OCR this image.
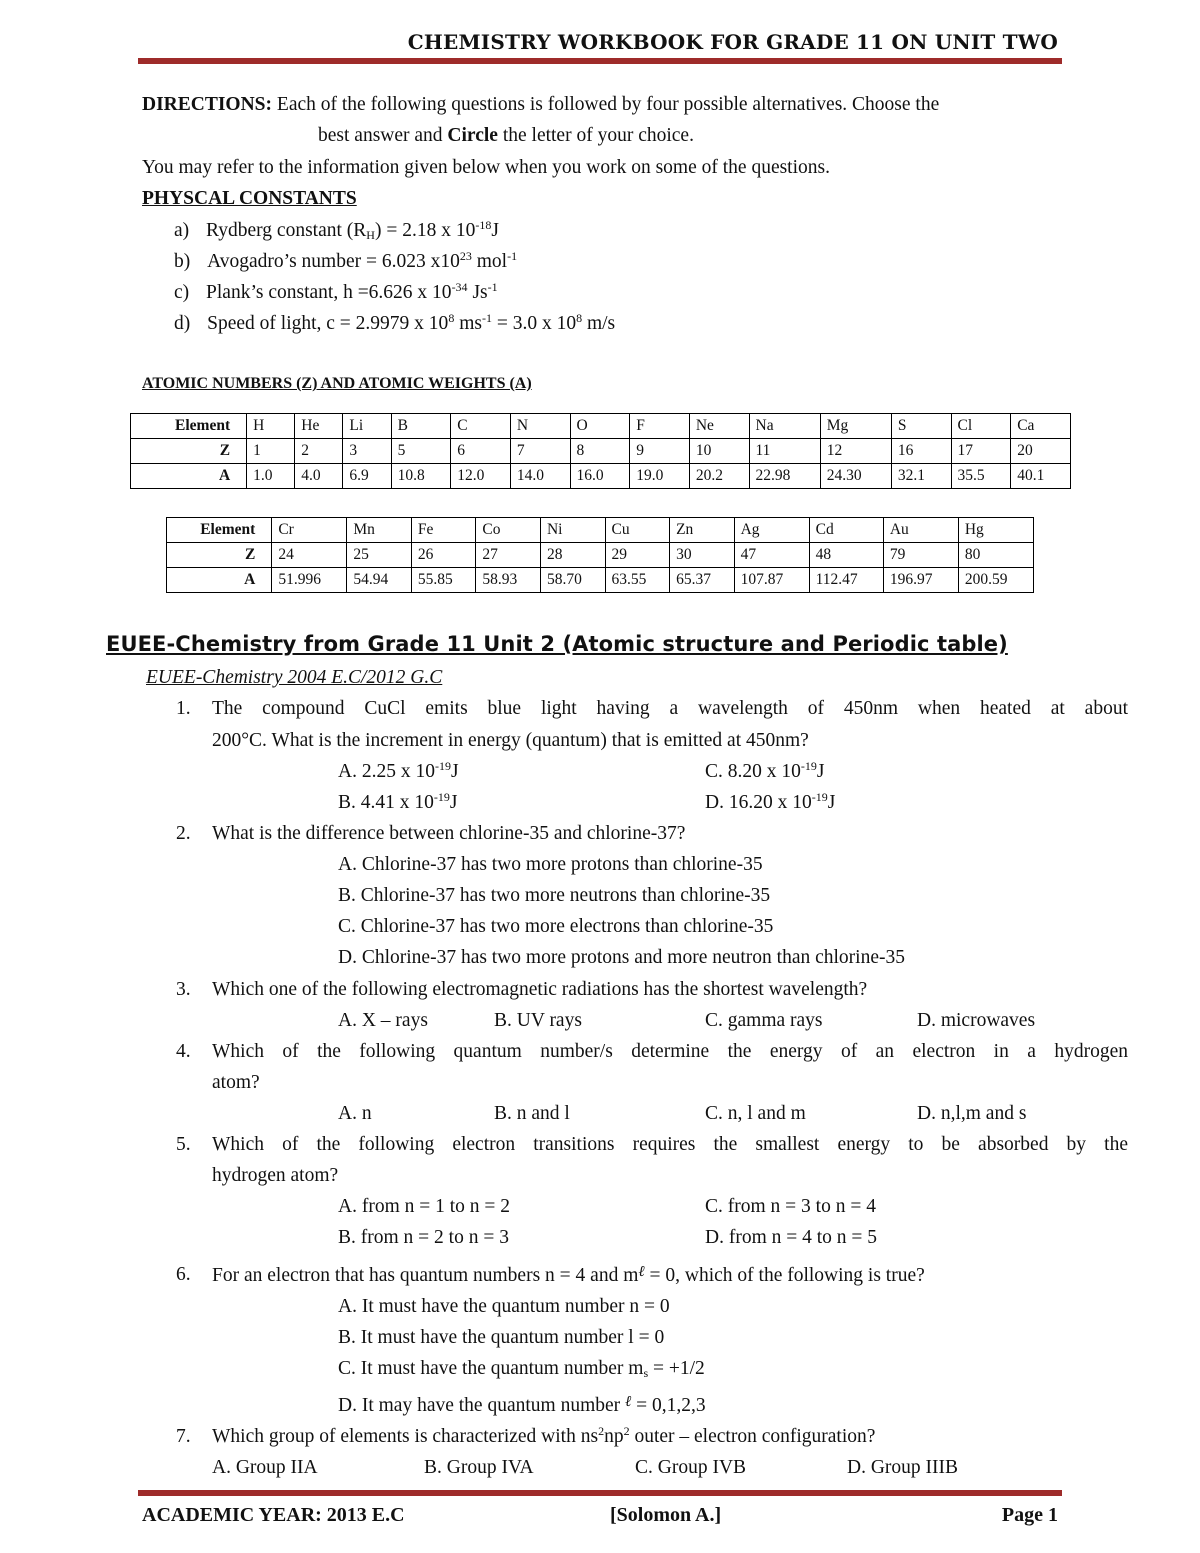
CHEMISTRY WORKBOOK FOR GRADE 11 ON UNIT TWO
DIRECTIONS: Each of the following questions is followed by four possible alternatives. Choose the
best answer and Circle the letter of your choice.
You may refer to the information given below when you work on some of the questions.
PHYSCAL CONSTANTS
a) Rydberg constant $(R_H) = 2.18$ x $10^{-18}J$
b) Avogadro’s number = 6.023 $x10^{23}$ mol$^{-1}$
c) Plank’s constant, h =6.626 x $10^{-34}$ $Js^{-1}$
d) Speed of light, c = 2.9979 x $10^8$ $ms^{-1} = 3.0$ x $10^8$ m/s
ATOMIC NUMBERS (Z) AND ATOMIC WEIGHTS (A)
Element	H	He	Li	B	C	N	O	F	Ne	Na	Mg	S	Cl	Ca
Z	1	2	3	5	6	7	8	9	10	11	12	16	17	20
A	1.0	4.0	6.9	10.8	12.0	14.0	16.0	19.0	20.2	22.98	24.30	32.1	35.5	40.1
Element	Cr	Mn	Fe	Co	Ni	Cu	Zn	Ag	Cd	Au	Hg
Z	24	25	26	27	28	29	30	47	48	79	80
A	51.996	54.94	55.85	58.93	58.70	63.55	65.37	107.87	112.47	196.97	200.59
EUEE-Chemistry from Grade 11 Unit 2 (Atomic structure and Periodic table)
EUEE-Chemistry 2004 E.C/2012 G.C
1. The compound CuCl emits blue light having a wavelength of 450nm when heated at about
200°C. What is the increment in energy (quantum) that is emitted at 450nm?
A. 2.25 x $10^{-19}J$	C. 8.20 x $10^{-19}J$
B. 4.41 x $10^{-19}J$	D. 16.20 x $10^{-19}J$
2. What is the difference between chlorine-35 and chlorine-37?
A. Chlorine-37 has two more protons than chlorine-35
B. Chlorine-37 has two more neutrons than chlorine-35
C. Chlorine-37 has two more electrons than chlorine-35
D. Chlorine-37 has two more protons and more neutron than chlorine-35
3. Which one of the following electromagnetic radiations has the shortest wavelength?
A. X – rays	B. UV rays	C. gamma rays	D. microwaves
4. Which of the following quantum number/s determine the energy of an electron in a hydrogen
atom?
A. n	B. n and l	C. n, l and m	D. n,l,m and s
5. Which of the following electron transitions requires the smallest energy to be absorbed by the
hydrogen atom?
A. from n = 1 to n = 2	C. from n = 3 to n = 4
B. from n = 2 to n = 3	D. from n = 4 to n = 5
6. For an electron that has quantum numbers n = 4 and $m^\ell = 0$, which of the following is true?
A. It must have the quantum number n = 0
B. It must have the quantum number l = 0
C. It must have the quantum number $m_s = +1/2$
D. It may have the quantum number $^\ell$ = 0,1,2,3
7. Which group of elements is characterized with $ns^2np^2$ outer – electron configuration?
A. Group IIA	B. Group IVA	C. Group IVB	D. Group IIIB
ACADEMIC YEAR: 2013 E.C	[Solomon A.]	Page 1
